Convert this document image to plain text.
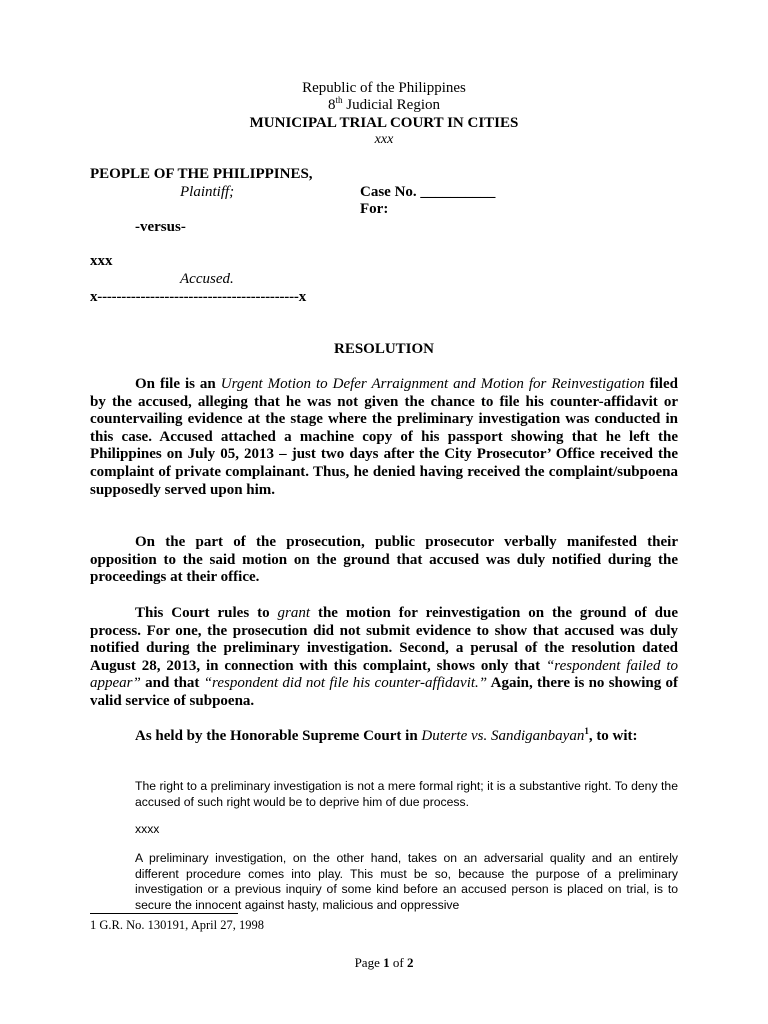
Republic of the Philippines
8th Judicial Region
MUNICIPAL TRIAL COURT IN CITIES
xxx
PEOPLE OF THE PHILIPPINES,
Plaintiff;	Case No. __________
For:
-versus-
xxx
Accused.
x------------------------------------------x
RESOLUTION
On file is an Urgent Motion to Defer Arraignment and Motion for Reinvestigation filed by the accused, alleging that he was not given the chance to file his counter-affidavit or countervailing evidence at the stage where the preliminary investigation was conducted in this case. Accused attached a machine copy of his passport showing that he left the Philippines on July 05, 2013 – just two days after the City Prosecutor’ Office received the complaint of private complainant. Thus, he denied having received the complaint/subpoena supposedly served upon him.
On the part of the prosecution, public prosecutor verbally manifested their opposition to the said motion on the ground that accused was duly notified during the proceedings at their office.
This Court rules to grant the motion for reinvestigation on the ground of due process. For one, the prosecution did not submit evidence to show that accused was duly notified during the preliminary investigation. Second, a perusal of the resolution dated August 28, 2013, in connection with this complaint, shows only that “respondent failed to appear” and that “respondent did not file his counter-affidavit.” Again, there is no showing of valid service of subpoena.
As held by the Honorable Supreme Court in Duterte vs. Sandiganbayan$^1$, to wit:
The right to a preliminary investigation is not a mere formal right; it is a substantive right. To deny the accused of such right would be to deprive him of due process.
xxxx
A preliminary investigation, on the other hand, takes on an adversarial quality and an entirely different procedure comes into play. This must be so, because the purpose of a preliminary investigation or a previous inquiry of some kind before an accused person is placed on trial, is to secure the innocent against hasty, malicious and oppressive
1 G.R. No. 130191, April 27, 1998
Page 1 of 2
